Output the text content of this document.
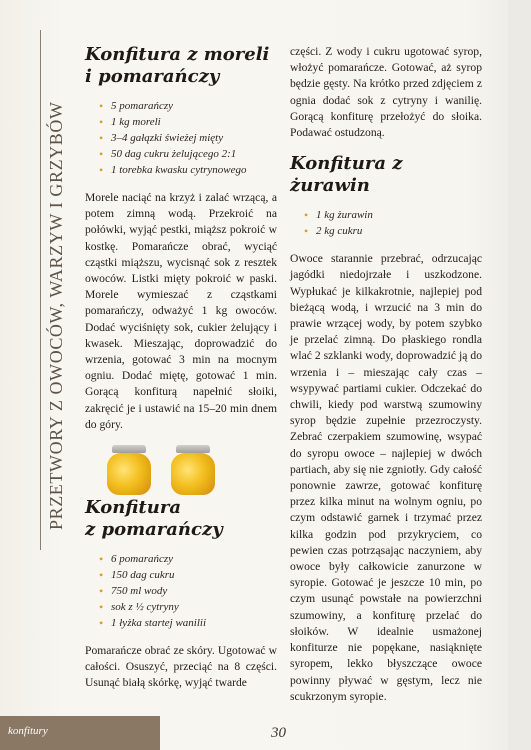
PRZETWORY Z OWOCÓW, WARZYW I GRZYBÓW
Konfitura z moreli
i pomarańczy
• 5 pomarańczy
• 1 kg moreli
• 3–4 gałązki świeżej mięty
• 50 dag cukru żelującego 2:1
• 1 torebka kwasku cytrynowego

Morele naciąć na krzyż i zalać wrzącą, a potem zimną wodą. Przekroić na połówki, wyjąć pestki, miąższ pokroić w kostkę. Pomarańcze obrać, wyciąć cząstki miąższu, wycisnąć sok z resztek owoców. Listki mięty pokroić w paski. Morele wymieszać z cząstkami pomarańczy, odważyć 1 kg owoców. Dodać wyciśnięty sok, cukier żelujący i kwasek. Mieszając, doprowadzić do wrzenia, gotować 3 min na mocnym ogniu. Dodać miętę, gotować 1 min. Gorącą konfiturą napełnić słoiki, zakręcić je i ustawić na 15–20 min dnem do góry.

Konfitura
z pomarańczy
• 6 pomarańczy
• 150 dag cukru
• 750 ml wody
• sok z ½ cytryny
• 1 łyżka startej wanilii

Pomarańcze obrać ze skóry. Ugotować w całości. Osuszyć, przeciąć na 8 części. Usunąć białą skórkę, wyjąć twarde

części. Z wody i cukru ugotować syrop, włożyć pomarańcze. Gotować, aż syrop będzie gęsty. Na krótko przed zdjęciem z ognia dodać sok z cytryny i wanilię. Gorącą konfiturę przełożyć do słoika. Podawać ostudzoną.

Konfitura z żurawin
• 1 kg żurawin
• 2 kg cukru

Owoce starannie przebrać, odrzucając jagódki niedojrzałe i uszkodzone. Wypłukać je kilkakrotnie, najlepiej pod bieżącą wodą, i wrzucić na 3 min do prawie wrzącej wody, by potem szybko je przelać zimną. Do płaskiego rondla wlać 2 szklanki wody, doprowadzić ją do wrzenia i – mieszając cały czas – wsypywać partiami cukier. Odczekać do chwili, kiedy pod warstwą szumowiny syrop będzie zupełnie przezroczysty. Zebrać czerpakiem szumowinę, wsypać do syropu owoce – najlepiej w dwóch partiach, aby się nie zgniotły. Gdy całość ponownie zawrze, gotować konfiturę przez kilka minut na wolnym ogniu, po czym odstawić garnek i trzymać przez kilka godzin pod przykryciem, co pewien czas potrząsając naczyniem, aby owoce były całkowicie zanurzone w syropie. Gotować je jeszcze 10 min, po czym usunąć powstałe na powierzchni szumowiny, a konfiturę przelać do słoików. W idealnie usmażonej konfiturze nie popękane, nasiąknięte syropem, lekko błyszczące owoce powinny pływać w gęstym, lecz nie scukrzonym syropie.

konfitury	30
